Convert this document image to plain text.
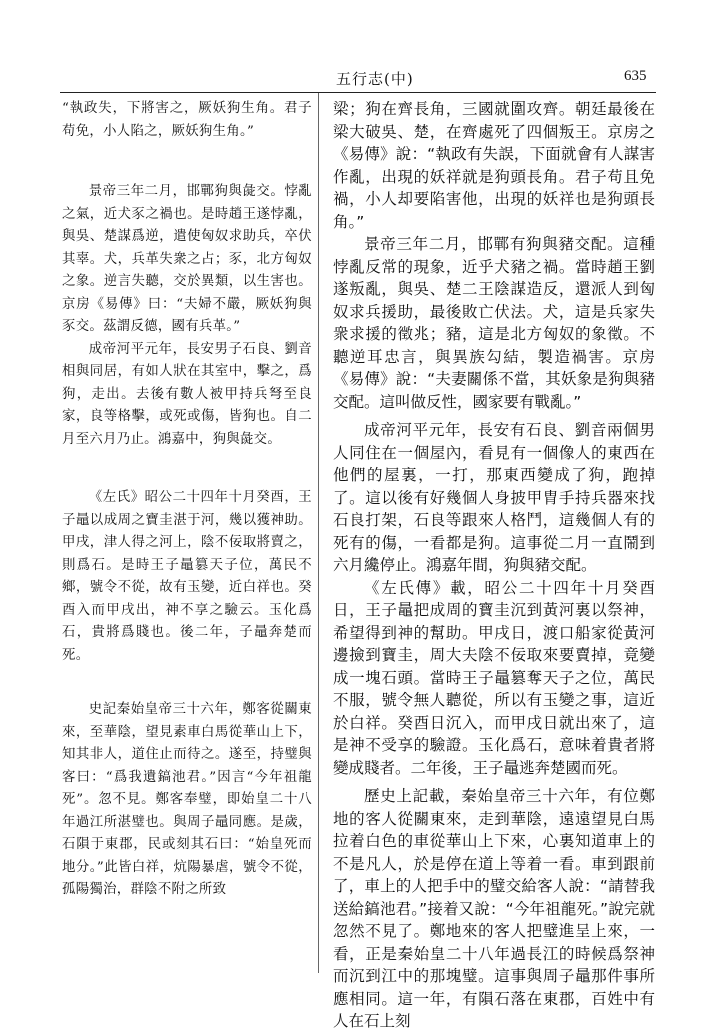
五行志(中)	635

“執政失，下將害之，厥妖狗生角。君子苟免，小人陷之，厥妖狗生角。”

景帝三年二月，邯鄲狗與彘交。悖亂之氣，近犬豕之禍也。是時趙王遂悖亂，與吳、楚謀爲逆，遣使匈奴求助兵，卒伏其辜。犬，兵革失衆之占；豕，北方匈奴之象。逆言失聽，交於異類，以生害也。京房《易傳》曰：“夫婦不嚴，厥妖狗與豕交。茲謂反德，國有兵革。”

成帝河平元年，長安男子石良、劉音相與同居，有如人狀在其室中，擊之，爲狗，走出。去後有數人被甲持兵弩至良家，良等格擊，或死或傷，皆狗也。自二月至六月乃止。鴻嘉中，狗與彘交。

《左氏》昭公二十四年十月癸酉，王子鼂以成周之寶圭湛于河，幾以獲神助。甲戌，津人得之河上，陰不佞取將賣之，則爲石。是時王子鼂篡天子位，萬民不鄉，號令不從，故有玉變，近白祥也。癸酉入而甲戌出，神不享之驗云。玉化爲石，貴將爲賤也。後二年，子鼂奔楚而死。

史記秦始皇帝三十六年，鄭客從關東來，至華陰，望見素車白馬從華山上下，知其非人，道住止而待之。遂至，持璧與客曰：“爲我遺鎬池君。”因言“今年祖龍死”。忽不見。鄭客奉璧，即始皇二十八年過江所湛璧也。與周子鼂同應。是歲，石隕于東郡，民或刻其石曰：“始皇死而地分。”此皆白祥，炕陽暴虐，號令不從，孤陽獨治，群陰不附之所致

梁；狗在齊長角，三國就圍攻齊。朝廷最後在梁大破吳、楚，在齊處死了四個叛王。京房之《易傳》說：“執政有失誤，下面就會有人謀害作亂，出現的妖祥就是狗頭長角。君子苟且免禍，小人却要陷害他，出現的妖祥也是狗頭長角。”

景帝三年二月，邯鄲有狗與豬交配。這種悖亂反常的現象，近乎犬豬之禍。當時趙王劉遂叛亂，與吳、楚二王陰謀造反，還派人到匈奴求兵援助，最後敗亡伏法。犬，這是兵家失衆求援的徵兆；豬，這是北方匈奴的象徵。不聽逆耳忠言，與異族勾結，製造禍害。京房《易傳》說：“夫妻關係不當，其妖象是狗與豬交配。這叫做反性，國家要有戰亂。”

成帝河平元年，長安有石良、劉音兩個男人同住在一個屋內，看見有一個像人的東西在他們的屋裏，一打，那東西變成了狗，跑掉了。這以後有好幾個人身披甲胄手持兵器來找石良打架，石良等跟來人格鬥，這幾個人有的死有的傷，一看都是狗。這事從二月一直鬧到六月纔停止。鴻嘉年間，狗與豬交配。

《左氏傳》載，昭公二十四年十月癸酉日，王子鼂把成周的寶圭沉到黃河裏以祭神，希望得到神的幫助。甲戌日，渡口船家從黃河邊撿到寶圭，周大夫陰不佞取來要賣掉，竟變成一塊石頭。當時王子鼂篡奪天子之位，萬民不服，號令無人聽從，所以有玉變之事，這近於白祥。癸酉日沉入，而甲戌日就出來了，這是神不受享的驗證。玉化爲石，意味着貴者將變成賤者。二年後，王子鼂逃奔楚國而死。

歷史上記載，秦始皇帝三十六年，有位鄭地的客人從關東來，走到華陰，遠遠望見白馬拉着白色的車從華山上下來，心裏知道車上的不是凡人，於是停在道上等着一看。車到跟前了，車上的人把手中的璧交給客人說：“請替我送給鎬池君。”接着又說：“今年祖龍死。”說完就忽然不見了。鄭地來的客人把璧進呈上來，一看，正是秦始皇二十八年過長江的時候爲祭神而沉到江中的那塊璧。這事與周子鼂那件事所應相同。這一年，有隕石落在東郡，百姓中有人在石上刻
